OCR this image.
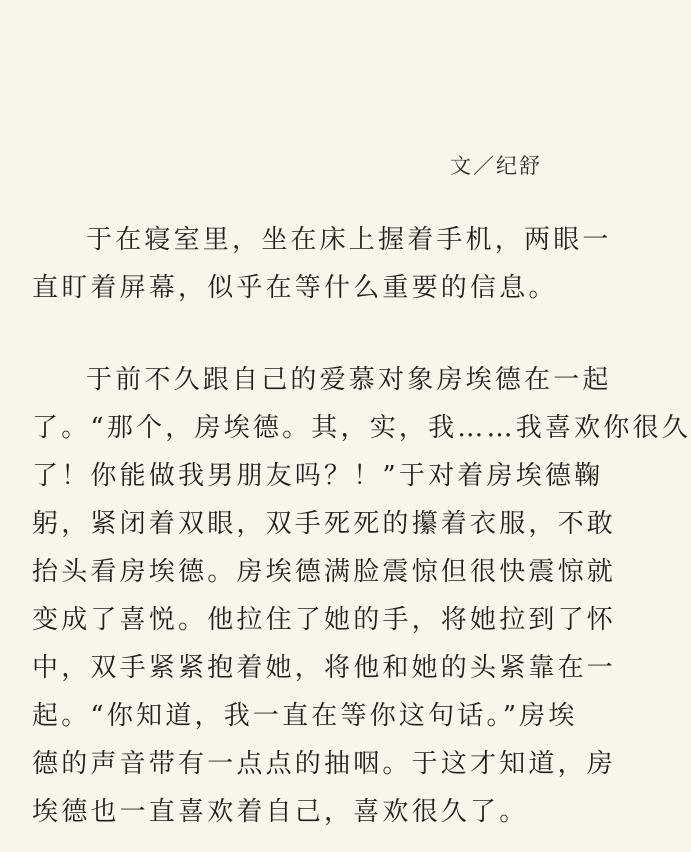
文／纪舒
于在寝室里，坐在床上握着手机，两眼一
直盯着屏幕，似乎在等什么重要的信息。
于前不久跟自己的爱慕对象房埃德在一起
了。“那个，房埃德。其，实，我……我喜欢你很久
了！你能做我男朋友吗？！”于对着房埃德鞠
躬，紧闭着双眼，双手死死的攥着衣服，不敢
抬头看房埃德。房埃德满脸震惊但很快震惊就
变成了喜悦。他拉住了她的手，将她拉到了怀
中，双手紧紧抱着她，将他和她的头紧靠在一
起。“你知道，我一直在等你这句话。”房埃
德的声音带有一点点的抽咽。于这才知道，房
埃德也一直喜欢着自己，喜欢很久了。
